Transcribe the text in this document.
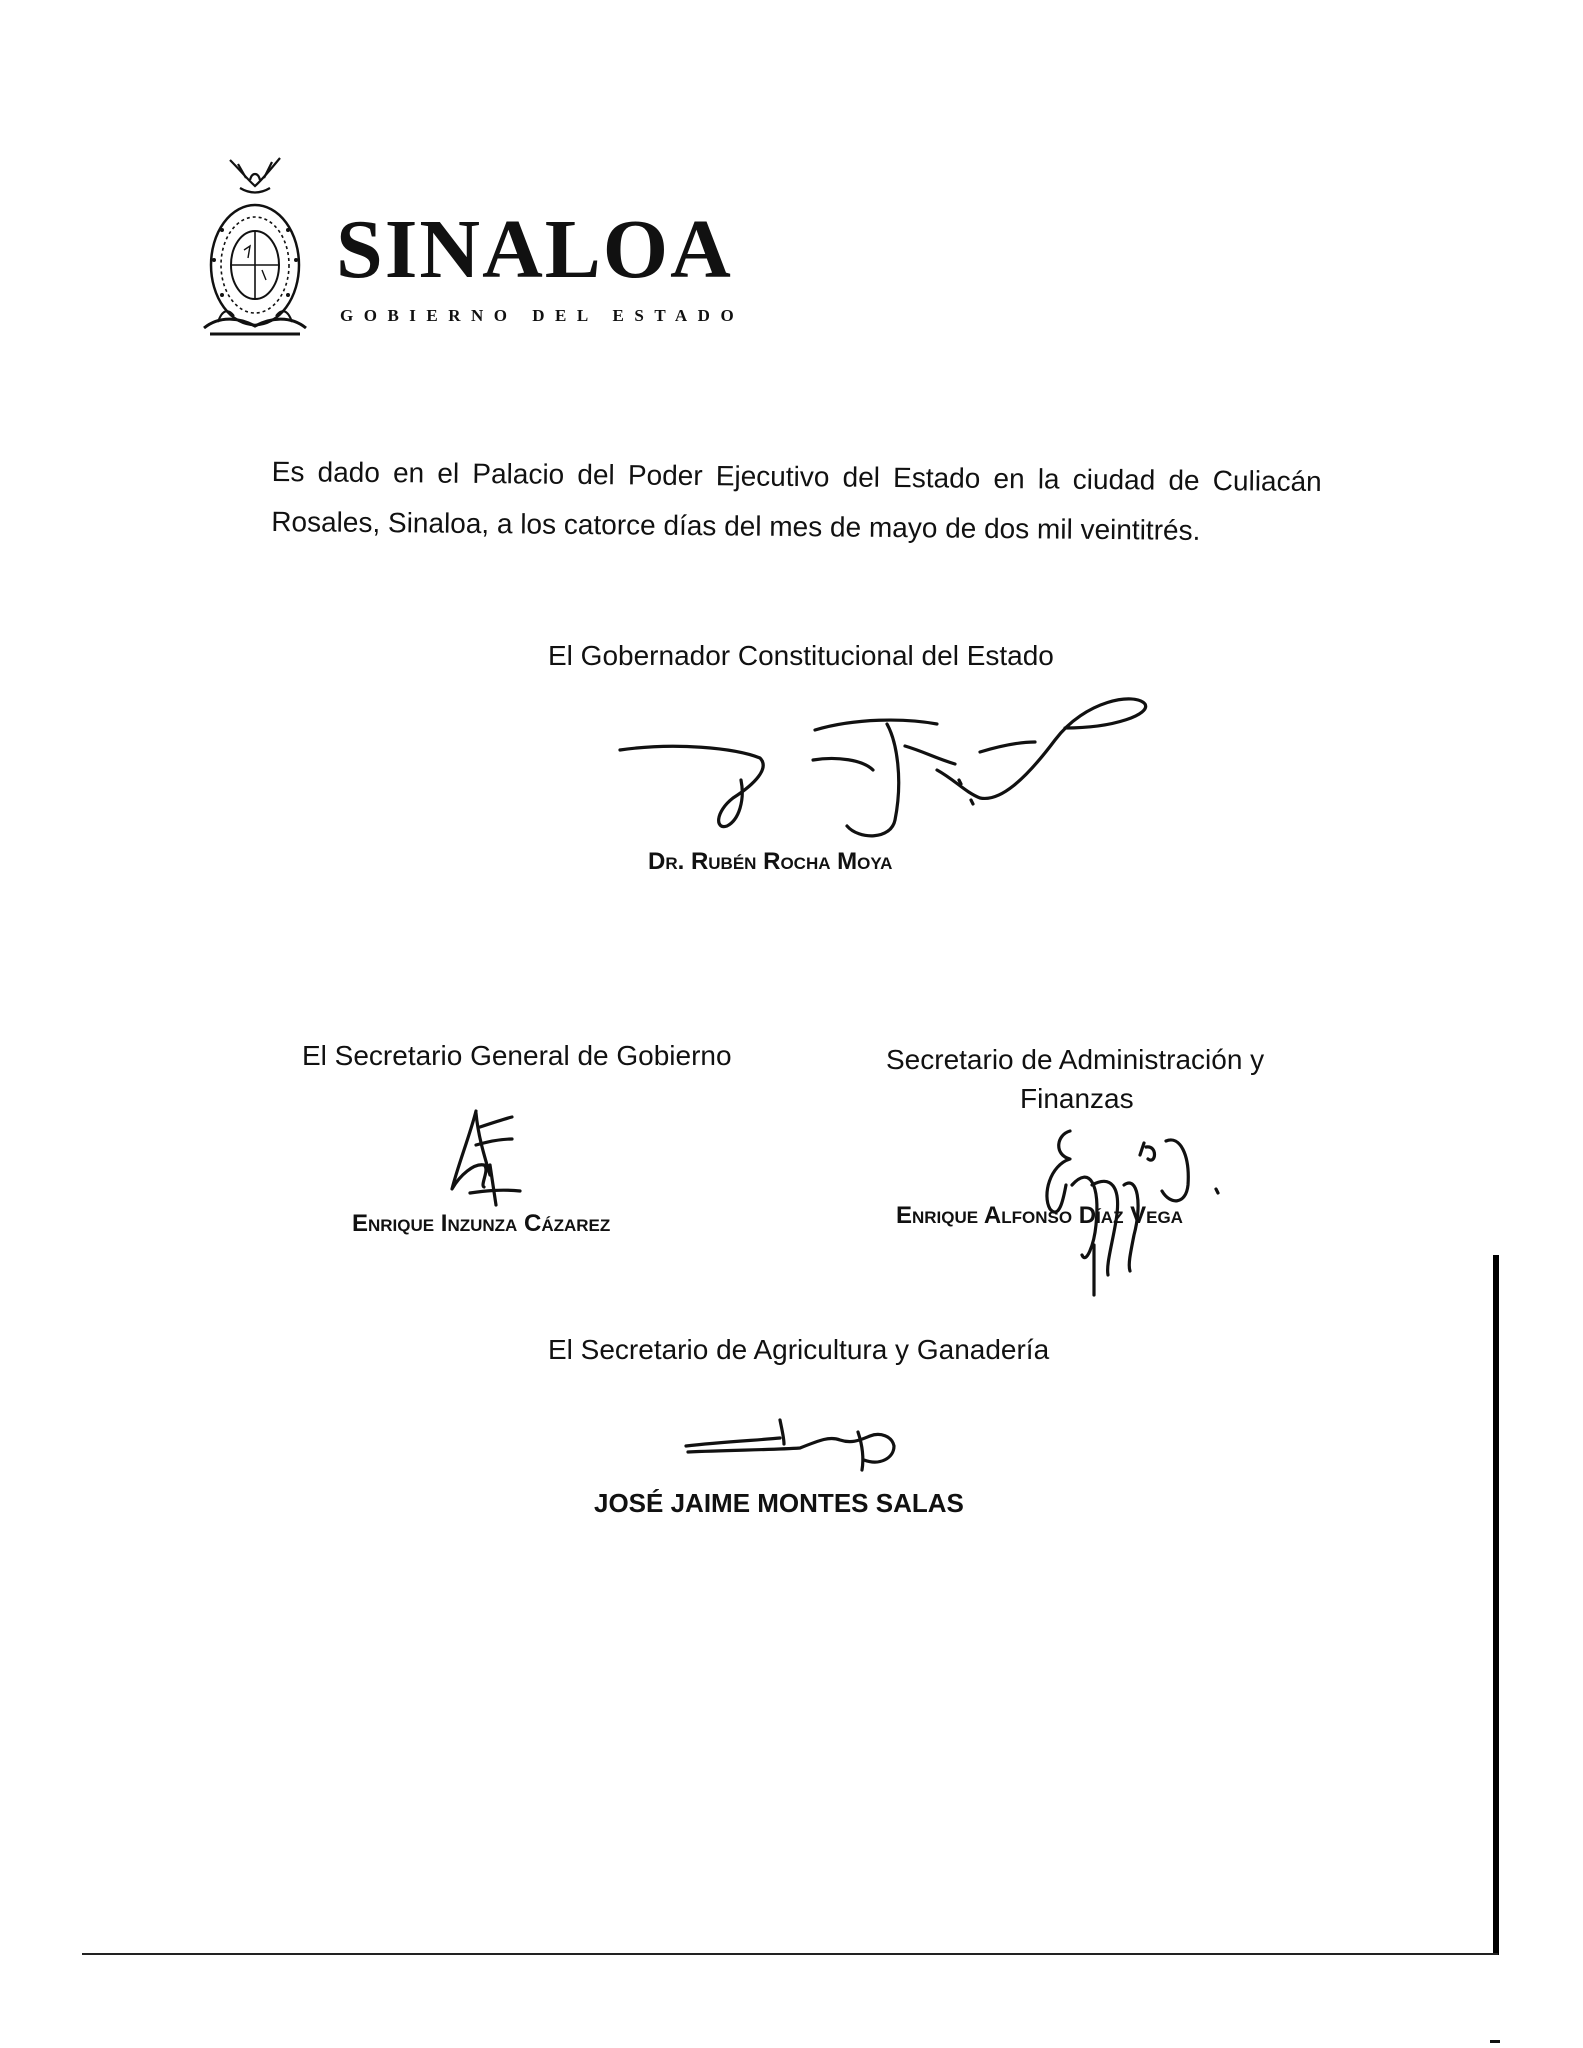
SINALOA
GOBIERNO DEL ESTADO
Es dado en el Palacio del Poder Ejecutivo del Estado en la ciudad de Culiacán Rosales, Sinaloa, a los catorce días del mes de mayo de dos mil veintitrés.
El Gobernador Constitucional del Estado
Dr. Rubén Rocha Moya
El Secretario General de Gobierno
Enrique Inzunza Cázarez
Secretario de Administración y
Finanzas
Enrique Alfonso Díaz Vega
El Secretario de Agricultura y Ganadería
JOSÉ JAIME MONTES SALAS
